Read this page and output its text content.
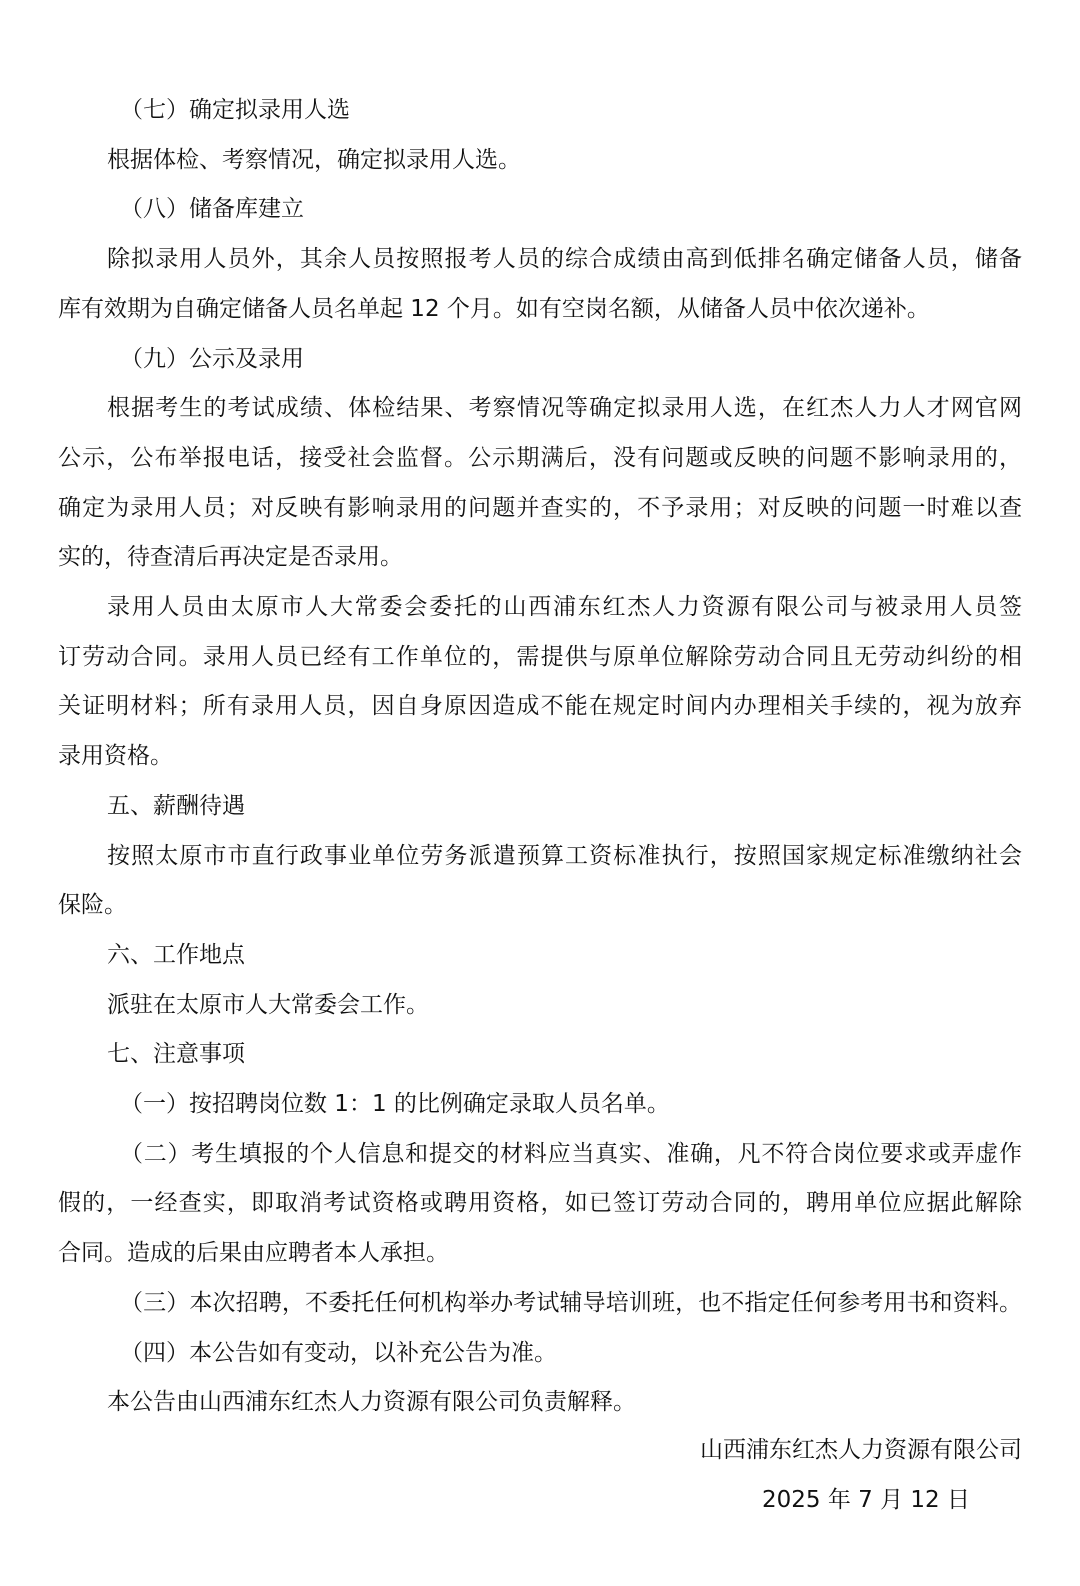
（七）确定拟录用人选
根据体检、考察情况，确定拟录用人选。
（八）储备库建立
除拟录用人员外，其余人员按照报考人员的综合成绩由高到低排名确定储备人员，储备
库有效期为自确定储备人员名单起 12 个月。如有空岗名额，从储备人员中依次递补。
（九）公示及录用
根据考生的考试成绩、体检结果、考察情况等确定拟录用人选，在红杰人力人才网官网
公示，公布举报电话，接受社会监督。公示期满后，没有问题或反映的问题不影响录用的，
确定为录用人员；对反映有影响录用的问题并查实的，不予录用；对反映的问题一时难以查
实的，待查清后再决定是否录用。
录用人员由太原市人大常委会委托的山西浦东红杰人力资源有限公司与被录用人员签
订劳动合同。录用人员已经有工作单位的，需提供与原单位解除劳动合同且无劳动纠纷的相
关证明材料；所有录用人员，因自身原因造成不能在规定时间内办理相关手续的，视为放弃
录用资格。
五、薪酬待遇
按照太原市市直行政事业单位劳务派遣预算工资标准执行，按照国家规定标准缴纳社会
保险。
六、工作地点
派驻在太原市人大常委会工作。
七、注意事项
（一）按招聘岗位数 1：1 的比例确定录取人员名单。
（二）考生填报的个人信息和提交的材料应当真实、准确，凡不符合岗位要求或弄虚作
假的，一经查实，即取消考试资格或聘用资格，如已签订劳动合同的，聘用单位应据此解除
合同。造成的后果由应聘者本人承担。
（三）本次招聘，不委托任何机构举办考试辅导培训班，也不指定任何参考用书和资料。
（四）本公告如有变动，以补充公告为准。
本公告由山西浦东红杰人力资源有限公司负责解释。
山西浦东红杰人力资源有限公司
2025 年 7 月 12 日
